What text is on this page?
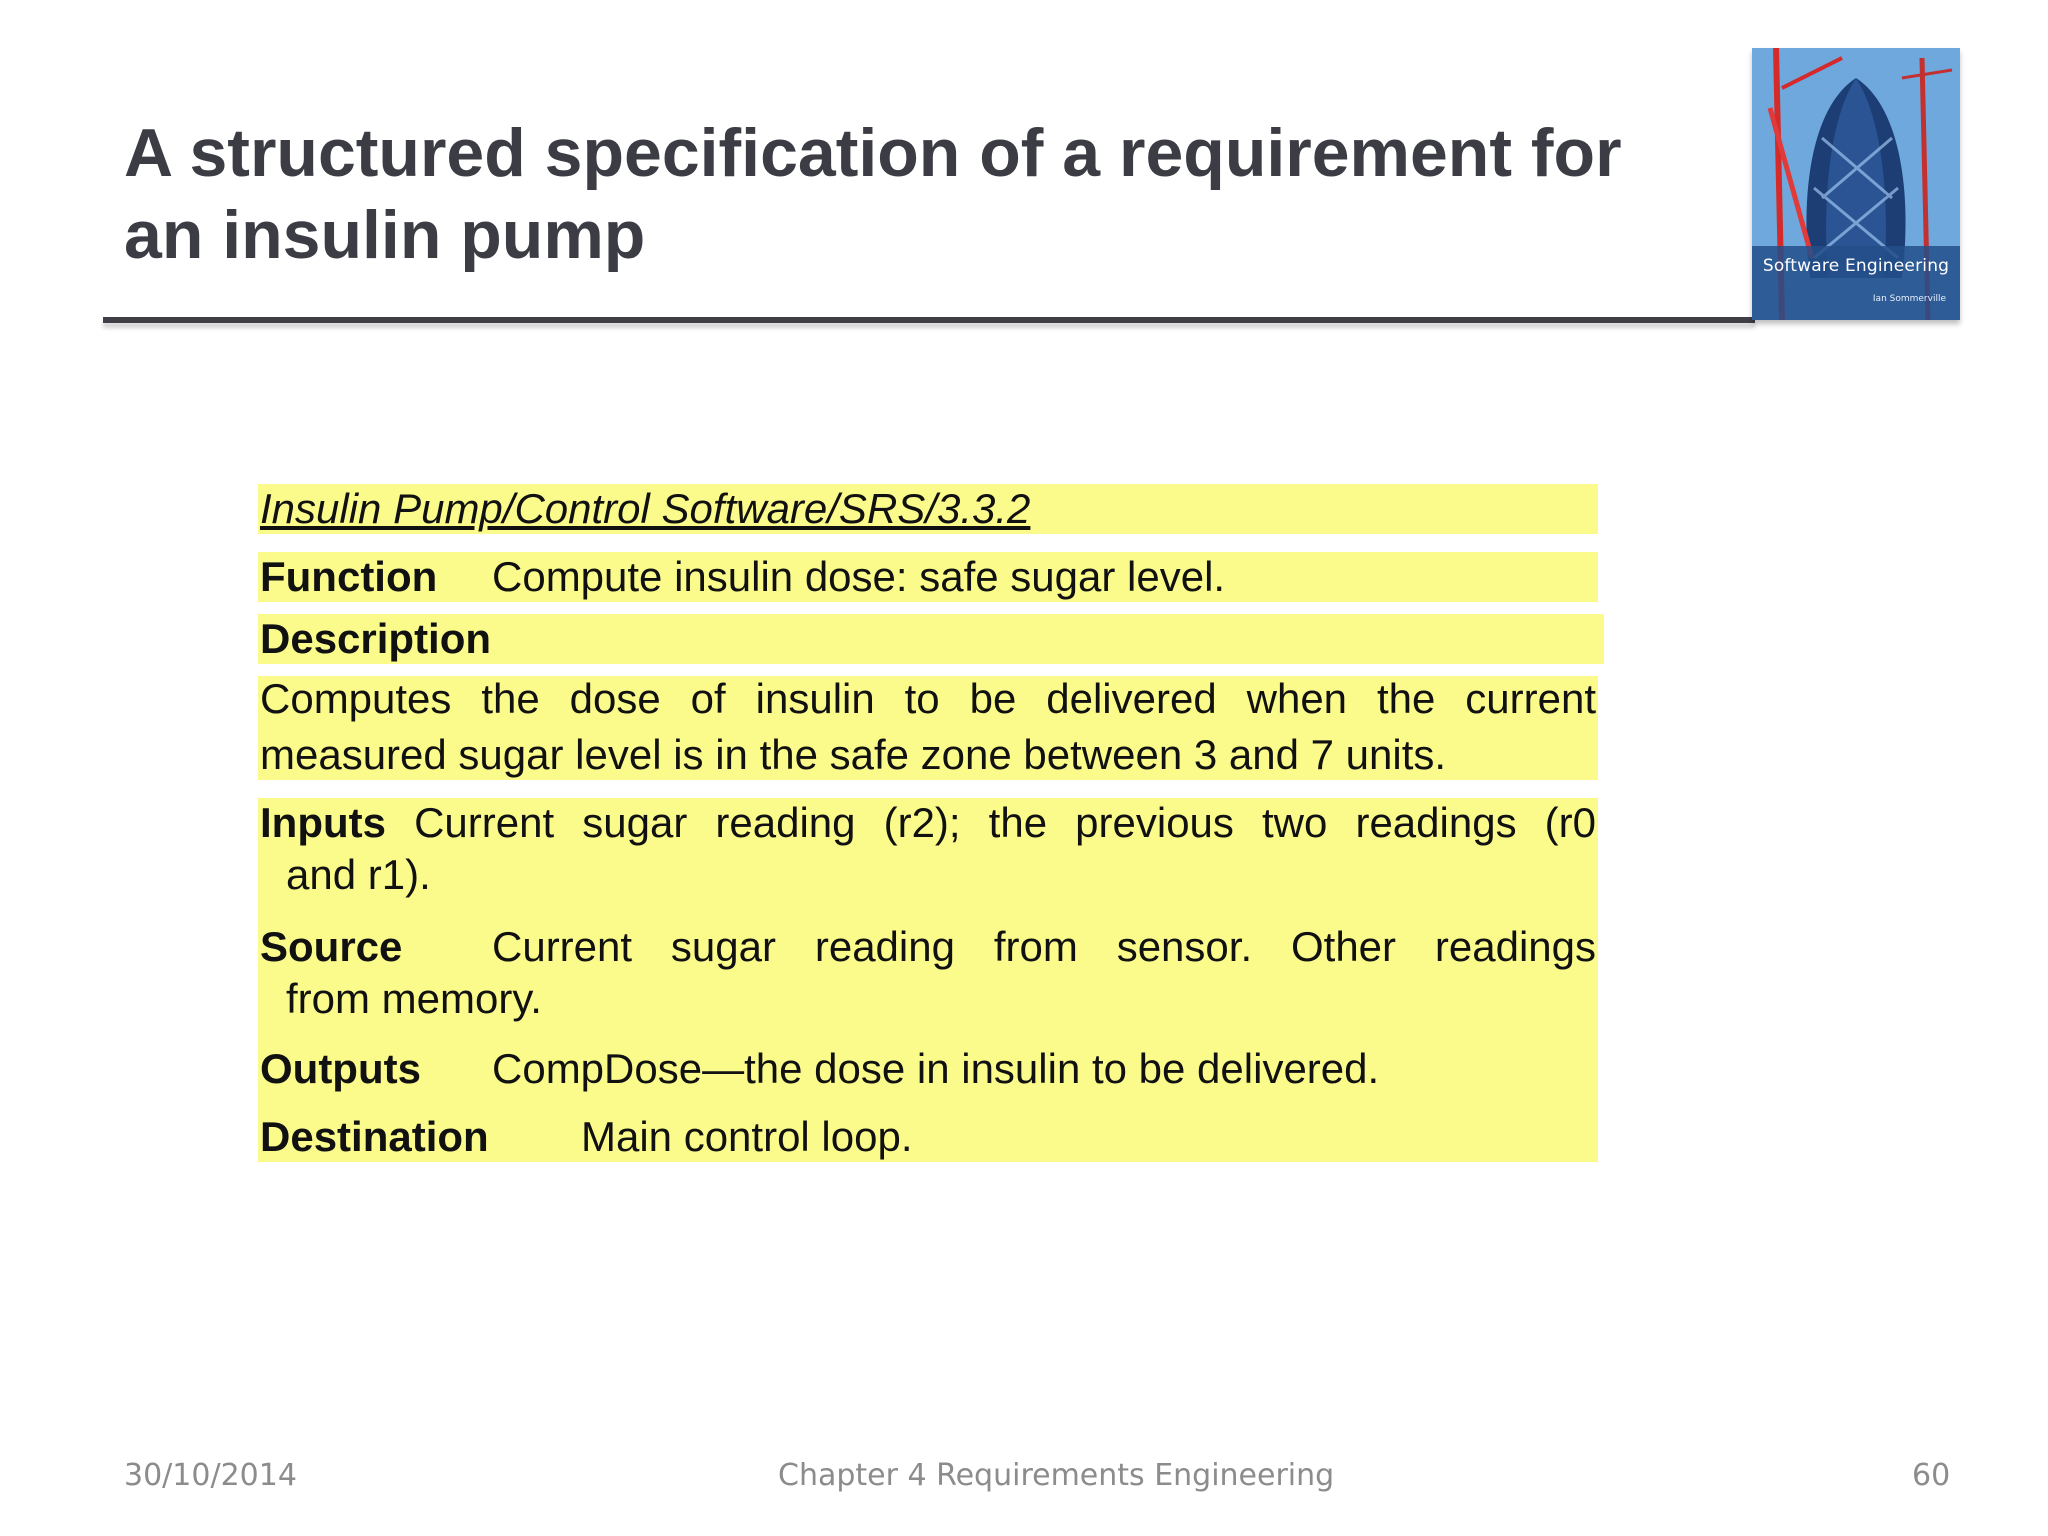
A structured specification of a requirement for
an insulin pump	Software Engineering
Ian Sommerville
Insulin Pump/Control Software/SRS/3.3.2
Function Compute insulin dose: safe sugar level.
Description
Computes the dose of insulin to be delivered when the current
measured sugar level is in the safe zone between 3 and 7 units.
Inputs Current sugar reading (r2); the previous two readings (r0
and r1).
Source Current sugar reading from sensor. Other readings
from memory.
Outputs CompDose—the dose in insulin to be delivered.
Destination Main control loop.
30/10/2014	Chapter 4 Requirements Engineering	60
